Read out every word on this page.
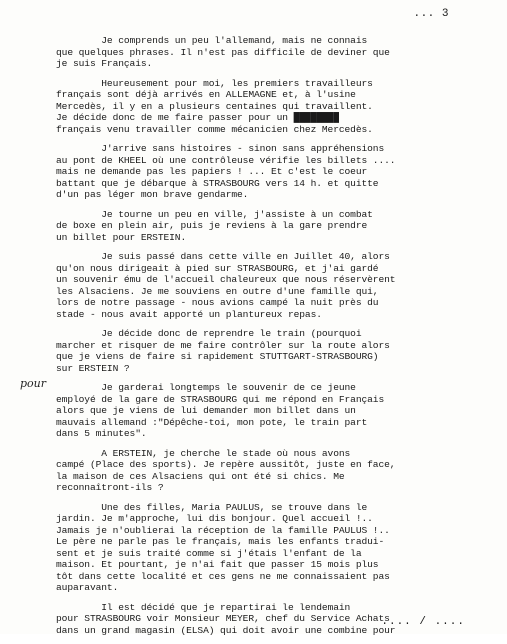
... 3
pour
Je comprends un peu l'allemand, mais ne connais
que quelques phrases. Il n'est pas difficile de deviner que
je suis Français.
Heureusement pour moi, les premiers travailleurs
français sont déjà arrivés en ALLEMAGNE et, à l'usine
Mercedès, il y en a plusieurs centaines qui travaillent.
Je décide donc de me faire passer pour un ████████
français venu travailler comme mécanicien chez Mercedès.
J'arrive sans histoires - sinon sans appréhensions
au pont de KHEEL où une contrôleuse vérifie les billets ....
mais ne demande pas les papiers ! ... Et c'est le coeur
battant que je débarque à STRASBOURG vers 14 h. et quitte
d'un pas léger mon brave gendarme.
Je tourne un peu en ville, j'assiste à un combat
de boxe en plein air, puis je reviens à la gare prendre
un billet pour ERSTEIN.
Je suis passé dans cette ville en Juillet 40, alors
qu'on nous dirigeait à pied sur STRASBOURG, et j'ai gardé
un souvenir ému de l'accueil chaleureux que nous réservèrent
les Alsaciens. Je me souviens en outre d'une famille qui,
lors de notre passage - nous avions campé la nuit près du
stade - nous avait apporté un plantureux repas.
Je décide donc de reprendre le train (pourquoi
marcher et risquer de me faire contrôler sur la route alors
que je viens de faire si rapidement STUTTGART-STRASBOURG)
sur ERSTEIN ?
Je garderai longtemps le souvenir de ce jeune
employé de la gare de STRASBOURG qui me répond en Français
alors que je viens de lui demander mon billet dans un
mauvais allemand :"Dépêche-toi, mon pote, le train part
dans 5 minutes".
A ERSTEIN, je cherche le stade où nous avons
campé (Place des sports). Je repère aussitôt, juste en face,
la maison de ces Alsaciens qui ont été si chics. Me
reconnaîtront-ils ?
Une des filles, Maria PAULUS, se trouve dans le
jardin. Je m'approche, lui dis bonjour. Quel accueil !..
Jamais je n'oublierai la réception de la famille PAULUS !..
Le père ne parle pas le français, mais les enfants tradui-
sent et je suis traité comme si j'étais l'enfant de la
maison. Et pourtant, je n'ai fait que passer 15 mois plus
tôt dans cette localité et ces gens ne me connaissaient pas
auparavant.
Il est décidé que je repartirai le lendemain
pour STRASBOURG voir Monsieur MEYER, chef du Service Achats
dans un grand magasin (ELSA) qui doit avoir une combine pour
.... / ....
